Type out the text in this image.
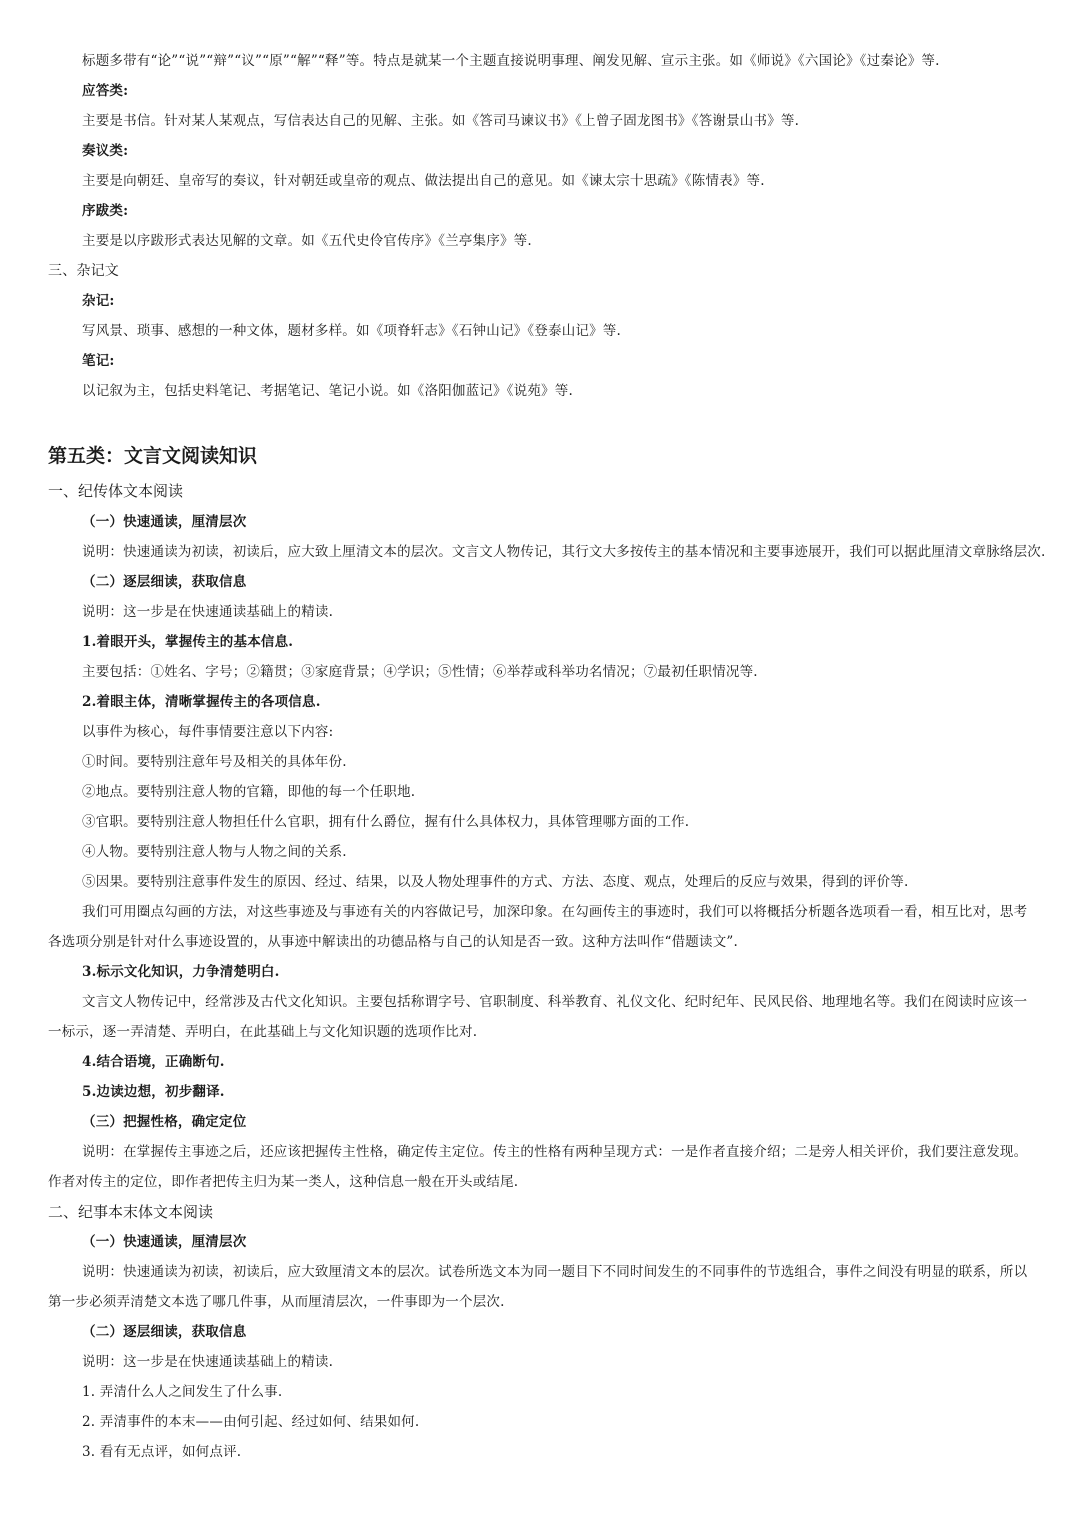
标题多带有“论”“说”“辩”“议”“原”“解”“释”等。特点是就某一个主题直接说明事理、阐发见解、宣示主张。如《师说》《六国论》《过秦论》等.
应答类:
主要是书信。针对某人某观点，写信表达自己的见解、主张。如《答司马谏议书》《上曾子固龙图书》《答谢景山书》等.
奏议类:
主要是向朝廷、皇帝写的奏议，针对朝廷或皇帝的观点、做法提出自己的意见。如《谏太宗十思疏》《陈情表》等.
序跋类:
主要是以序跋形式表达见解的文章。如《五代史伶官传序》《兰亭集序》等.
三、杂记文
杂记:
写风景、琐事、感想的一种文体，题材多样。如《项脊轩志》《石钟山记》《登泰山记》等.
笔记:
以记叙为主，包括史料笔记、考据笔记、笔记小说。如《洛阳伽蓝记》《说苑》等.
第五类：文言文阅读知识
一、纪传体文本阅读
（一）快速通读，厘清层次
说明：快速通读为初读，初读后，应大致上厘清文本的层次。文言文人物传记，其行文大多按传主的基本情况和主要事迹展开，我们可以据此厘清文章脉络层次.
（二）逐层细读，获取信息
说明：这一步是在快速通读基础上的精读.
1.着眼开头，掌握传主的基本信息.
主要包括：①姓名、字号；②籍贯；③家庭背景；④学识；⑤性情；⑥举荐或科举功名情况；⑦最初任职情况等.
2.着眼主体，清晰掌握传主的各项信息.
以事件为核心，每件事情要注意以下内容:
①时间。要特别注意年号及相关的具体年份.
②地点。要特别注意人物的官籍，即他的每一个任职地.
③官职。要特别注意人物担任什么官职，拥有什么爵位，握有什么具体权力，具体管理哪方面的工作.
④人物。要特别注意人物与人物之间的关系.
⑤因果。要特别注意事件发生的原因、经过、结果，以及人物处理事件的方式、方法、态度、观点，处理后的反应与效果，得到的评价等.
我们可用圈点勾画的方法，对这些事迹及与事迹有关的内容做记号，加深印象。在勾画传主的事迹时，我们可以将概括分析题各选项看一看，相互比对，思考各选项分别是针对什么事迹设置的，从事迹中解读出的功德品格与自己的认知是否一致。这种方法叫作“借题读文”.
3.标示文化知识，力争清楚明白.
文言文人物传记中，经常涉及古代文化知识。主要包括称谓字号、官职制度、科举教育、礼仪文化、纪时纪年、民风民俗、地理地名等。我们在阅读时应该一一标示，逐一弄清楚、弄明白，在此基础上与文化知识题的选项作比对.
4.结合语境，正确断句.
5.边读边想，初步翻译.
（三）把握性格，确定定位
说明：在掌握传主事迹之后，还应该把握传主性格，确定传主定位。传主的性格有两种呈现方式：一是作者直接介绍；二是旁人相关评价，我们要注意发现。作者对传主的定位，即作者把传主归为某一类人，这种信息一般在开头或结尾.
二、纪事本末体文本阅读
（一）快速通读，厘清层次
说明：快速通读为初读，初读后，应大致厘清文本的层次。试卷所选文本为同一题目下不同时间发生的不同事件的节选组合，事件之间没有明显的联系，所以第一步必须弄清楚文本选了哪几件事，从而厘清层次，一件事即为一个层次.
（二）逐层细读，获取信息
说明：这一步是在快速通读基础上的精读.
1. 弄清什么人之间发生了什么事.
2. 弄清事件的本末——由何引起、经过如何、结果如何.
3. 看有无点评，如何点评.
